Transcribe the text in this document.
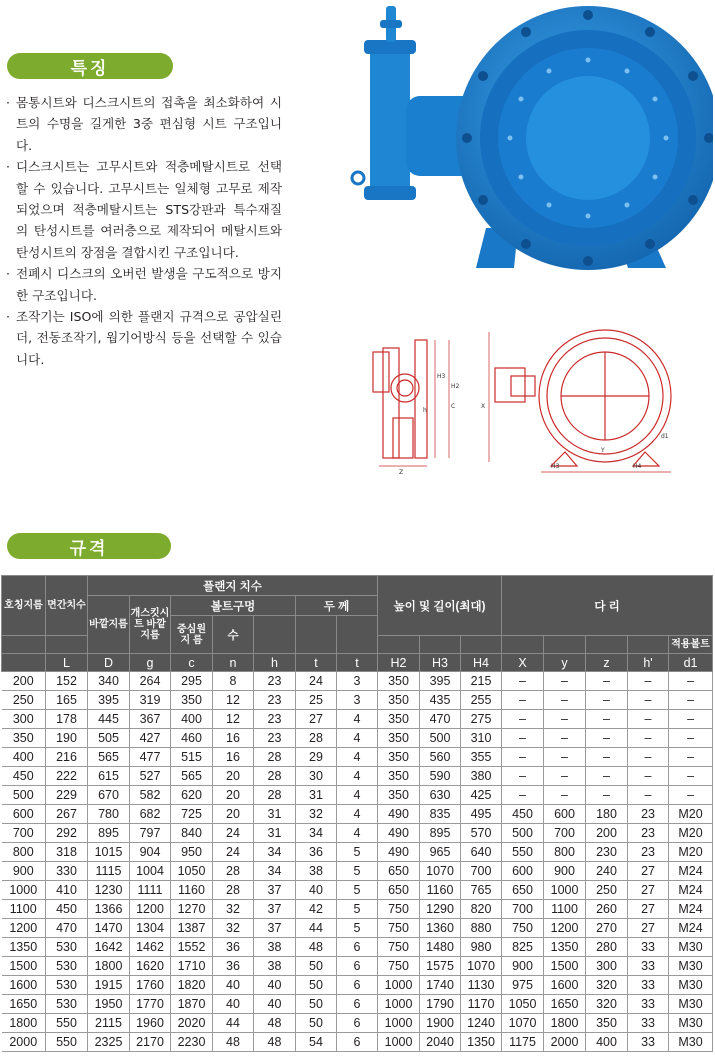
특징
· 몸통시트와 디스크시트의 접촉을 최소화하여 시트의 수명을 길게한 3중 편심형 시트 구조입니다.
· 디스크시트는 고무시트와 적층메탈시트로 선택할 수 있습니다. 고무시트는 일체형 고무로 제작되었으며 적층메탈시트는 STS강판과 특수재질의 탄성시트를 여러층으로 제작되어 메탈시트와 탄성시트의 장점을 결합시킨 구조입니다.
· 전폐시 디스크의 오버런 발생을 구도적으로 방지한 구조입니다.
· 조작기는 ISO에 의한 플랜지 규격으로 공압실린더, 전동조작기, 웜기어방식 등을 선택할 수 있습니다.
H3
H2
h
C	X
Z
H3	H4
Y
d1
규격
호칭지름	면간치수	플랜지 치수							높이 및 길이(최대)			다 리				
		바깥지름	개스킷시트 바깥지름	볼트구멍			두 께									
				중심원 지 름	수											
																적용볼트
	L	D	g	c	n	h	t	t	H2	H3	H4	X	y	z	h'	d1
200	152	340	264	295	8	23	24	3	350	395	215	–	–	–	–	–
250	165	395	319	350	12	23	25	3	350	435	255	–	–	–	–	–
300	178	445	367	400	12	23	27	4	350	470	275	–	–	–	–	–
350	190	505	427	460	16	23	28	4	350	500	310	–	–	–	–	–
400	216	565	477	515	16	28	29	4	350	560	355	–	–	–	–	–
450	222	615	527	565	20	28	30	4	350	590	380	–	–	–	–	–
500	229	670	582	620	20	28	31	4	350	630	425	–	–	–	–	–
600	267	780	682	725	20	31	32	4	490	835	495	450	600	180	23	M20
700	292	895	797	840	24	31	34	4	490	895	570	500	700	200	23	M20
800	318	1015	904	950	24	34	36	5	490	965	640	550	800	230	23	M20
900	330	1115	1004	1050	28	34	38	5	650	1070	700	600	900	240	27	M24
1000	410	1230	1111	1160	28	37	40	5	650	1160	765	650	1000	250	27	M24
1100	450	1366	1200	1270	32	37	42	5	750	1290	820	700	1100	260	27	M24
1200	470	1470	1304	1387	32	37	44	5	750	1360	880	750	1200	270	27	M24
1350	530	1642	1462	1552	36	38	48	6	750	1480	980	825	1350	280	33	M30
1500	530	1800	1620	1710	36	38	50	6	750	1575	1070	900	1500	300	33	M30
1600	530	1915	1760	1820	40	40	50	6	1000	1740	1130	975	1600	320	33	M30
1650	530	1950	1770	1870	40	40	50	6	1000	1790	1170	1050	1650	320	33	M30
1800	550	2115	1960	2020	44	48	50	6	1000	1900	1240	1070	1800	350	33	M30
2000	550	2325	2170	2230	48	48	54	6	1000	2040	1350	1175	2000	400	33	M30
